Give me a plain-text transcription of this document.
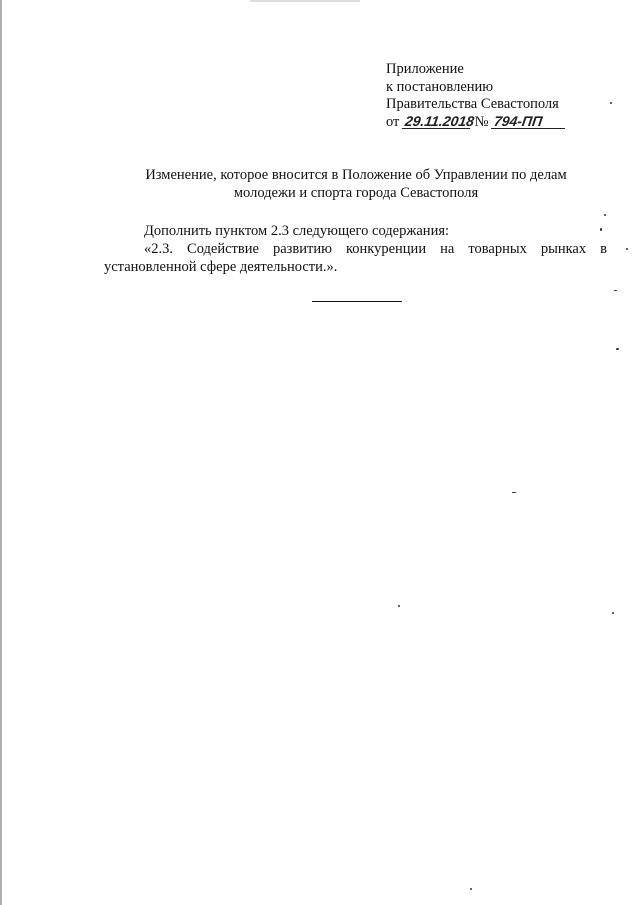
Приложение
к постановлению
Правительства Севастополя
от 29.11.2018 № 794-ПП
Изменение, которое вносится в Положение об Управлении по делам
молодежи и спорта города Севастополя
Дополнить пунктом 2.3 следующего содержания:
«2.3. Содействие развитию конкуренции на товарных рынках в установленной сфере деятельности.».
